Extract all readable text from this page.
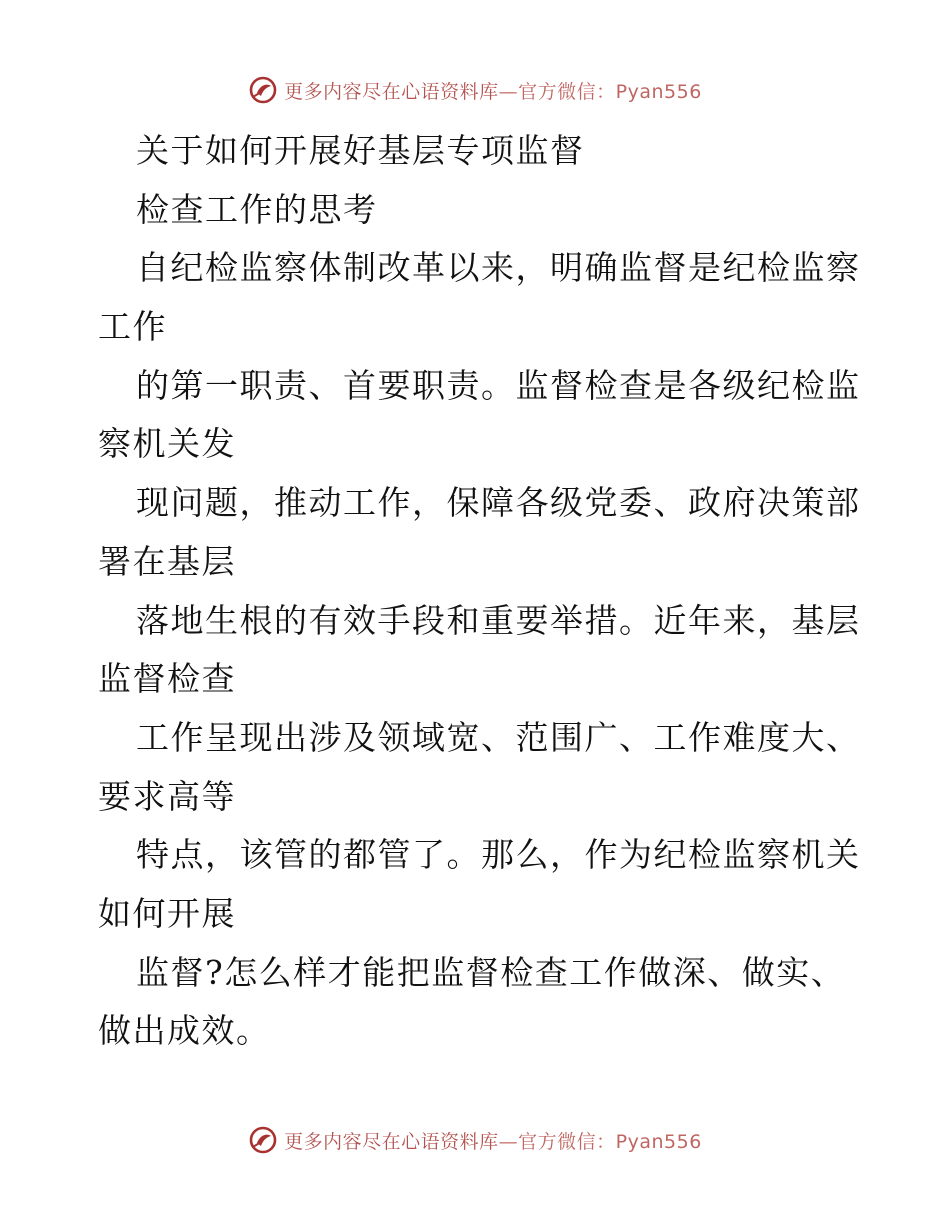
更多内容尽在心语资料库—官方微信：Pyan556
关于如何开展好基层专项监督
检查工作的思考
自纪检监察体制改革以来，明确监督是纪检监察
工作
的第一职责、首要职责。监督检查是各级纪检监
察机关发
现问题，推动工作，保障各级党委、政府决策部
署在基层
落地生根的有效手段和重要举措。近年来，基层
监督检查
工作呈现出涉及领域宽、范围广、工作难度大、
要求高等
特点，该管的都管了。那么，作为纪检监察机关
如何开展
监督?怎么样才能把监督检查工作做深、做实、
做出成效。
更多内容尽在心语资料库—官方微信：Pyan556
